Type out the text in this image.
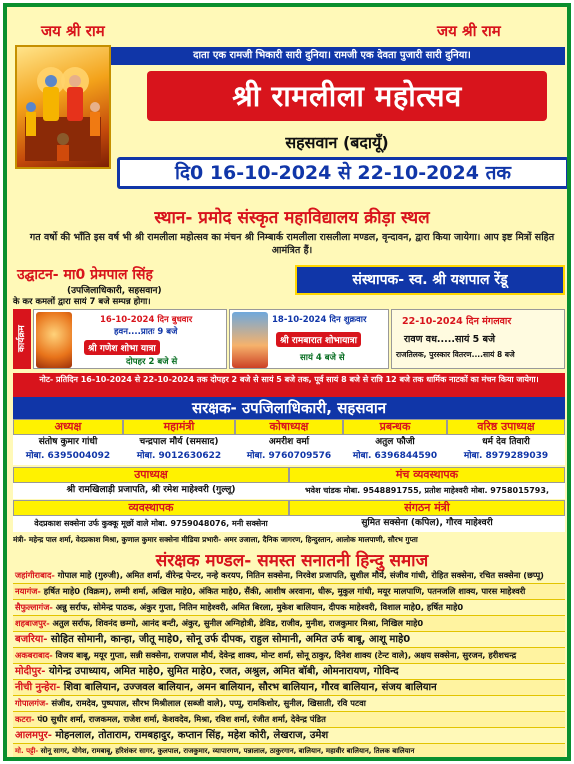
जय श्री राम	जय श्री राम
दाता एक रामजी भिकारी सारी दुनिया। रामजी एक देवता पुजारी सारी दुनिया।
श्री रामलीला महोत्सव
सहसवान (बदायूँ)
दि0 16-10-2024 से 22-10-2024 तक
स्थान- प्रमोद संस्कृत महाविद्यालय क्रीड़ा स्थल
गत वर्षो की भाँति इस वर्ष भी श्री रामलीला महोत्सव का मंचन श्री निम्बार्क रामलीला रासलीला मण्डल, वृन्दावन, द्वारा किया जायेगा। आप इष्ट मित्रों सहित आमंत्रित हैं।
उद्घाटन- मा0 प्रेमपाल सिंह
(उपजिलाधिकारी, सहसवान)
के कर कमलों द्वारा सायं 7 बजे सम्पन्न होगा।
संस्थापक- स्व. श्री यशपाल रेंडू
कार्यक्रम
16-10-2024 दिन बुधवार
हवन....प्रातः 9 बजे
श्री गणेश शोभा यात्रा
दोपहर 2 बजे से
18-10-2024 दिन शुक्रवार
श्री रामबारात शोभायात्रा
सायं 4 बजे से
22-10-2024 दिन मंगलवार
रावण वध.....सायं 5 बजे
राजतिलक, पुरस्कार वितरण....सायं 8 बजे
नोट- प्रतिदिन 16-10-2024 से 22-10-2024 तक दोपहर 2 बजे से सायं 5 बजे तक, पूर्व सायं 8 बजे से रात्रि 12 बजे तक धार्मिक नाटकों का मंचन किया जायेगा।
सरक्षक- उपजिलाधिकारी, सहसवान
अध्यक्ष	महामंत्री	कोषाध्यक्ष	प्रबन्धक	वरिष्ठ उपाध्यक्ष
संतोष कुमार गांधी	चन्द्रपाल मौर्य (समसाद)	अमरीश वर्मा	अतुल फौजी	धर्म देव तिवारी
मोबा. 6395004092	मोबा. 9012630622	मोबा. 9760709576	मोबा. 6396844590	मोबा. 8979289039
उपाध्यक्ष	मंच व्यवस्थापक
श्री रामखिलाड़ी प्रजापति, श्री रमेश माहेश्वरी (गुल्लू)	भवेश चांडक मोबा. 9548891755, प्रतोश माहेश्वरी मोबा. 9758015793,
व्यवस्थापक	संगठन मंत्री
वेदप्रकाश सक्सेना उर्फ कुक्कू मूछों वाले मोबा. 9759048076, मनी सक्सेना	सुमित सक्सेना (कपिल), गौरव माहेश्वरी
मंत्री- महेन्द्र पाल शर्मा, वेदप्रकाश मिश्रा, कुणाल कुमार सक्सेना मीडिया प्रभारी- अमर उजाला, दैनिक जागरण, हिन्दुस्तान, आलोक मालपाणी, सौरभ गुप्ता
संरक्षक मण्डल- समस्त सनातनी हिन्दु समाज
जहांगीराबाद- गोपाल माहे (गुरुजी), अमित शर्मा, वीरेन्द्र पेन्टर, नन्हे करयप, नितिन सक्सेना, निरवेश प्रजापति, सुशील मौर्य, संजीव गांधी, रोहित सक्सेना, रचित सक्सेना (छप्पू)
नयागंज- हर्षित माहे0 (विक्रम), लम्मी शर्मा, अखिल माहे0, अंकित माहे0, सैंकी, आशीष अरवाना, धीरू, मुकुल गांधी, मयूर मालपाणि, पतनजलि शाक्य, पारस माहेश्वरी
सैफुल्लागंज- अन्नु सर्राफ, सोमेन्द्र पाठक, अंकुर गुप्ता, नितिन माहेश्वरी, अमित बिरला, मुकेश बालियान, दीपक माहेश्वरी, विशाल माहे0, हर्षित माहे0
शहबाजपुर- अतुल सर्राफ, शिवनंद छम्गो, आनंद बन्टी, अंकुर, सुनील अग्निहोत्री, डेविड, राजीव, मुनीश, राजकुमार मिश्रा, निखिल माहे0
बजरिया- सोहित सोमानी, कान्हा, जीतू माहे0, सोनू उर्फ दीपक, राहुल सोमानी, अमित उर्फ बाबू, आशू माहे0
अकबराबाद- विजय बाबू, मयूर गुप्ता, सन्नी सक्सेना, राजपाल मौर्य, देवेन्द्र शाक्य, मोन्ट शर्मा, सोनू ठाकुर, दिनेश शाक्य (टेन्ट वाले), अक्षय सक्सेना, सुरजन, हरीशचन्द्र
मोदीपुर- योगेन्द्र उपाध्याय, अमित माहे0, सुमित माहे0, रजत, अश्रुल, अमित बॉबी, ओमनारायण, गोविन्द
नीची नुन्हेरा- शिवा बालियान, उज्जवल बालियान, अमन बालियान, सौरभ बालियान, गौरव बालियान, संजय बालियान
गोपालगंज- संजीव, रामदेव, पुष्पपाल, सौरभ मिश्रीलाल (सब्जी वाले), पप्पू, रामकिशोर, सुनील, खिसाती, रवि पटवा
कटरा- पं0 सुधीर शर्मा, राजकमल, राजेश शर्मा, केशवदेव, मिश्रा, रविश शर्मा, रंजीत शर्मा, देवेन्द्र पंडित
आलमपुर- मोहनलाल, तोताराम, रामबहादुर, कप्तान सिंह, महेश कोरी, लेखराज, उमेश
मो. पट्टी- सोनू सागर, योगेश, रामबाबू, हरिशंकर सागर, कुलपाल, राजकुमार, व्यापारगण, पन्नालाल, ठाकुरगान, बालियान, महावीर बालियान, तिलक बालियान
